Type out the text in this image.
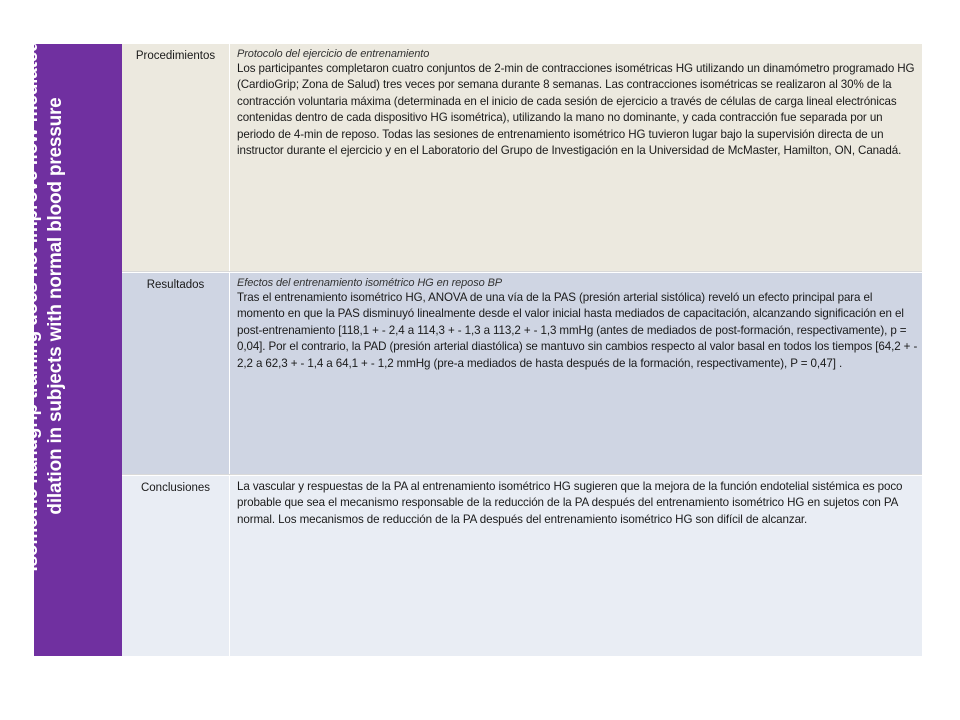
Isometric handgrip training does not improve flow-mediated dilation in subjects with normal blood pressure
Procedimientos	Protocolo del ejercicio de entrenamiento
Los participantes completaron cuatro conjuntos de 2-min de contracciones isométricas HG utilizando un dinamómetro programado HG (CardioGrip; Zona de Salud) tres veces por semana durante 8 semanas. Las contracciones isométricas se realizaron al 30% de la contracción voluntaria máxima (determinada en el inicio de cada sesión de ejercicio a través de células de carga lineal electrónicas contenidas dentro de cada dispositivo HG isométrica), utilizando la mano no dominante, y cada contracción fue separada por un periodo de 4-min de reposo. Todas las sesiones de entrenamiento isométrico HG tuvieron lugar bajo la supervisión directa de un instructor durante el ejercicio y en el Laboratorio del Grupo de Investigación en la Universidad de McMaster, Hamilton, ON, Canadá.
Resultados	Efectos del entrenamiento isométrico HG en reposo BP
Tras el entrenamiento isométrico HG, ANOVA de una vía de la PAS (presión arterial sistólica) reveló un efecto principal para el momento en que la PAS disminuyó linealmente desde el valor inicial hasta mediados de capacitación, alcanzando significación en el post-entrenamiento [118,1 + - 2,4 a 114,3 + - 1,3 a 113,2 + - 1,3 mmHg (antes de mediados de post-formación, respectivamente), p = 0,04]. Por el contrario, la PAD (presión arterial diastólica) se mantuvo sin cambios respecto al valor basal en todos los tiempos [64,2 + - 2,2 a 62,3 + - 1,4 a 64,1 + - 1,2 mmHg (pre-a mediados de hasta después de la formación, respectivamente), P = 0,47] .
Conclusiones	La vascular y respuestas de la PA al entrenamiento isométrico HG sugieren que la mejora de la función endotelial sistémica es poco probable que sea el mecanismo responsable de la reducción de la PA después del entrenamiento isométrico HG en sujetos con PA normal. Los mecanismos de reducción de la PA después del entrenamiento isométrico HG son difícil de alcanzar.
